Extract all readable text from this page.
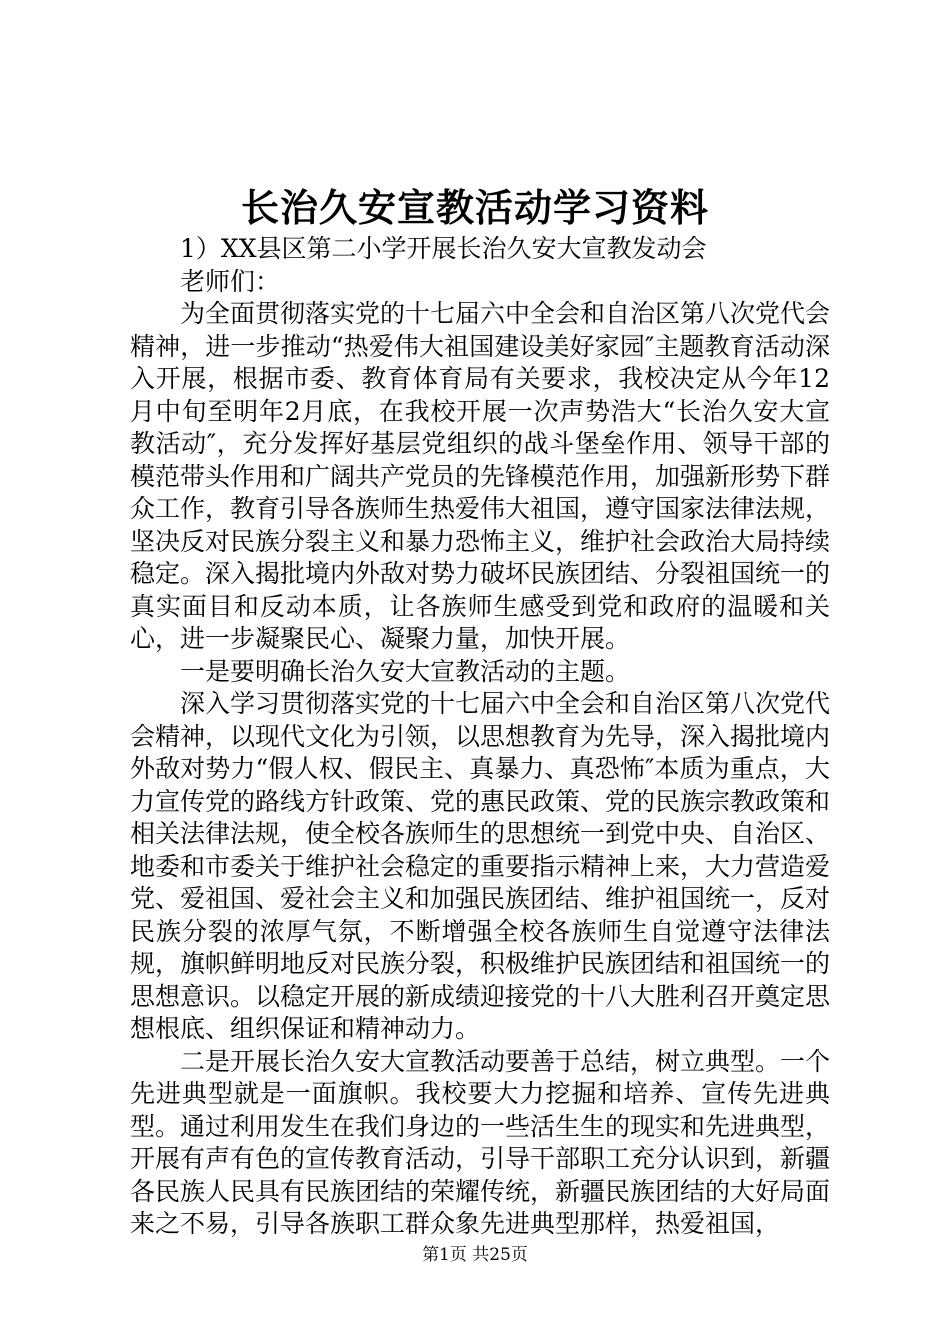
长治久安宣教活动学习资料

1）XX县区第二小学开展长治久安大宣教发动会

老师们：

为全面贯彻落实党的十七届六中全会和自治区第八次党代会精神，进一步推动“热爱伟大祖国建设美好家园″主题教育活动深入开展，根据市委、教育体育局有关要求，我校决定从今年12月中旬至明年2月底，在我校开展一次声势浩大“长治久安大宣教活动″，充分发挥好基层党组织的战斗堡垒作用、领导干部的模范带头作用和广阔共产党员的先锋模范作用，加强新形势下群众工作，教育引导各族师生热爱伟大祖国，遵守国家法律法规，坚决反对民族分裂主义和暴力恐怖主义，维护社会政治大局持续稳定。深入揭批境内外敌对势力破坏民族团结、分裂祖国统一的真实面目和反动本质，让各族师生感受到党和政府的温暖和关心，进一步凝聚民心、凝聚力量，加快开展。

一是要明确长治久安大宣教活动的主题。

深入学习贯彻落实党的十七届六中全会和自治区第八次党代会精神，以现代文化为引领，以思想教育为先导，深入揭批境内外敌对势力“假人权、假民主、真暴力、真恐怖″本质为重点，大力宣传党的路线方针政策、党的惠民政策、党的民族宗教政策和相关法律法规，使全校各族师生的思想统一到党中央、自治区、地委和市委关于维护社会稳定的重要指示精神上来，大力营造爱党、爱祖国、爱社会主义和加强民族团结、维护祖国统一，反对民族分裂的浓厚气氛，不断增强全校各族师生自觉遵守法律法规，旗帜鲜明地反对民族分裂，积极维护民族团结和祖国统一的思想意识。以稳定开展的新成绩迎接党的十八大胜利召开奠定思想根底、组织保证和精神动力。

二是开展长治久安大宣教活动要善于总结，树立典型。一个先进典型就是一面旗帜。我校要大力挖掘和培养、宣传先进典型。通过利用发生在我们身边的一些活生生的现实和先进典型，开展有声有色的宣传教育活动，引导干部职工充分认识到，新疆各民族人民具有民族团结的荣耀传统，新疆民族团结的大好局面来之不易，引导各族职工群众象先进典型那样，热爱祖国，

第1页 共25页
